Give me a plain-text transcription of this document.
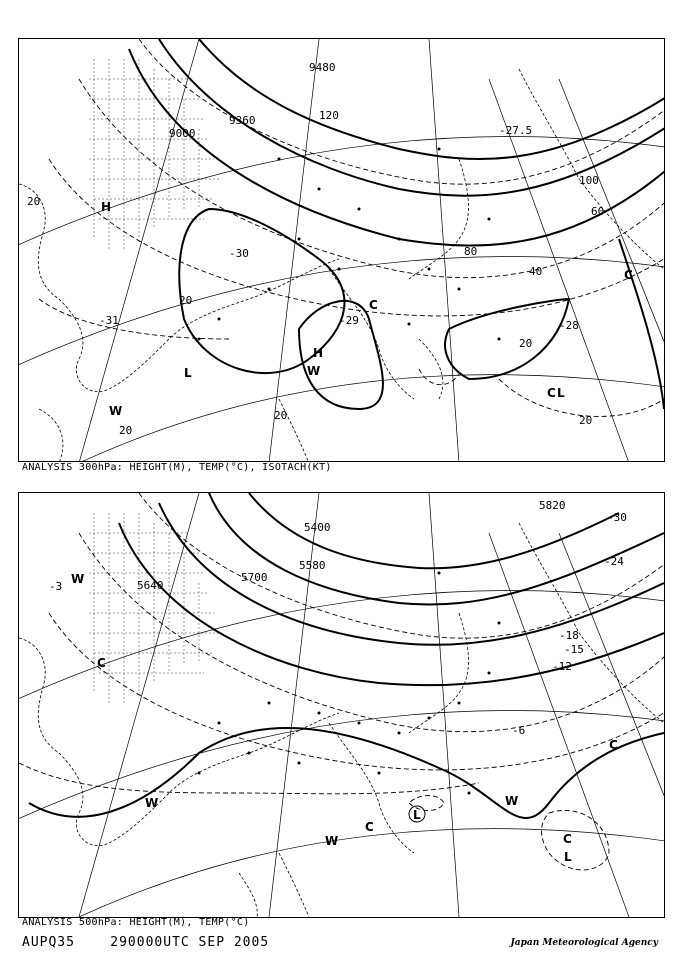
9480
9360
9000
120
100
60
80
40
20
20
20
20
20
20
-31
-30
-29	-28
-27.5
H
H
L
L
W
W
C
C
C
ANALYSIS 300hPa: HEIGHT(M), TEMP(°C), ISOTACH(KT)
5400
5580
5640
5700
5820
-30
-24
-18
-15
-12
-6
-3
W
W	W
W
C
C
C
C
L
L
ANALYSIS 500hPa: HEIGHT(M), TEMP(°C)
AUPQ35	290000UTC SEP 2005	Japan Meteorological Agency
